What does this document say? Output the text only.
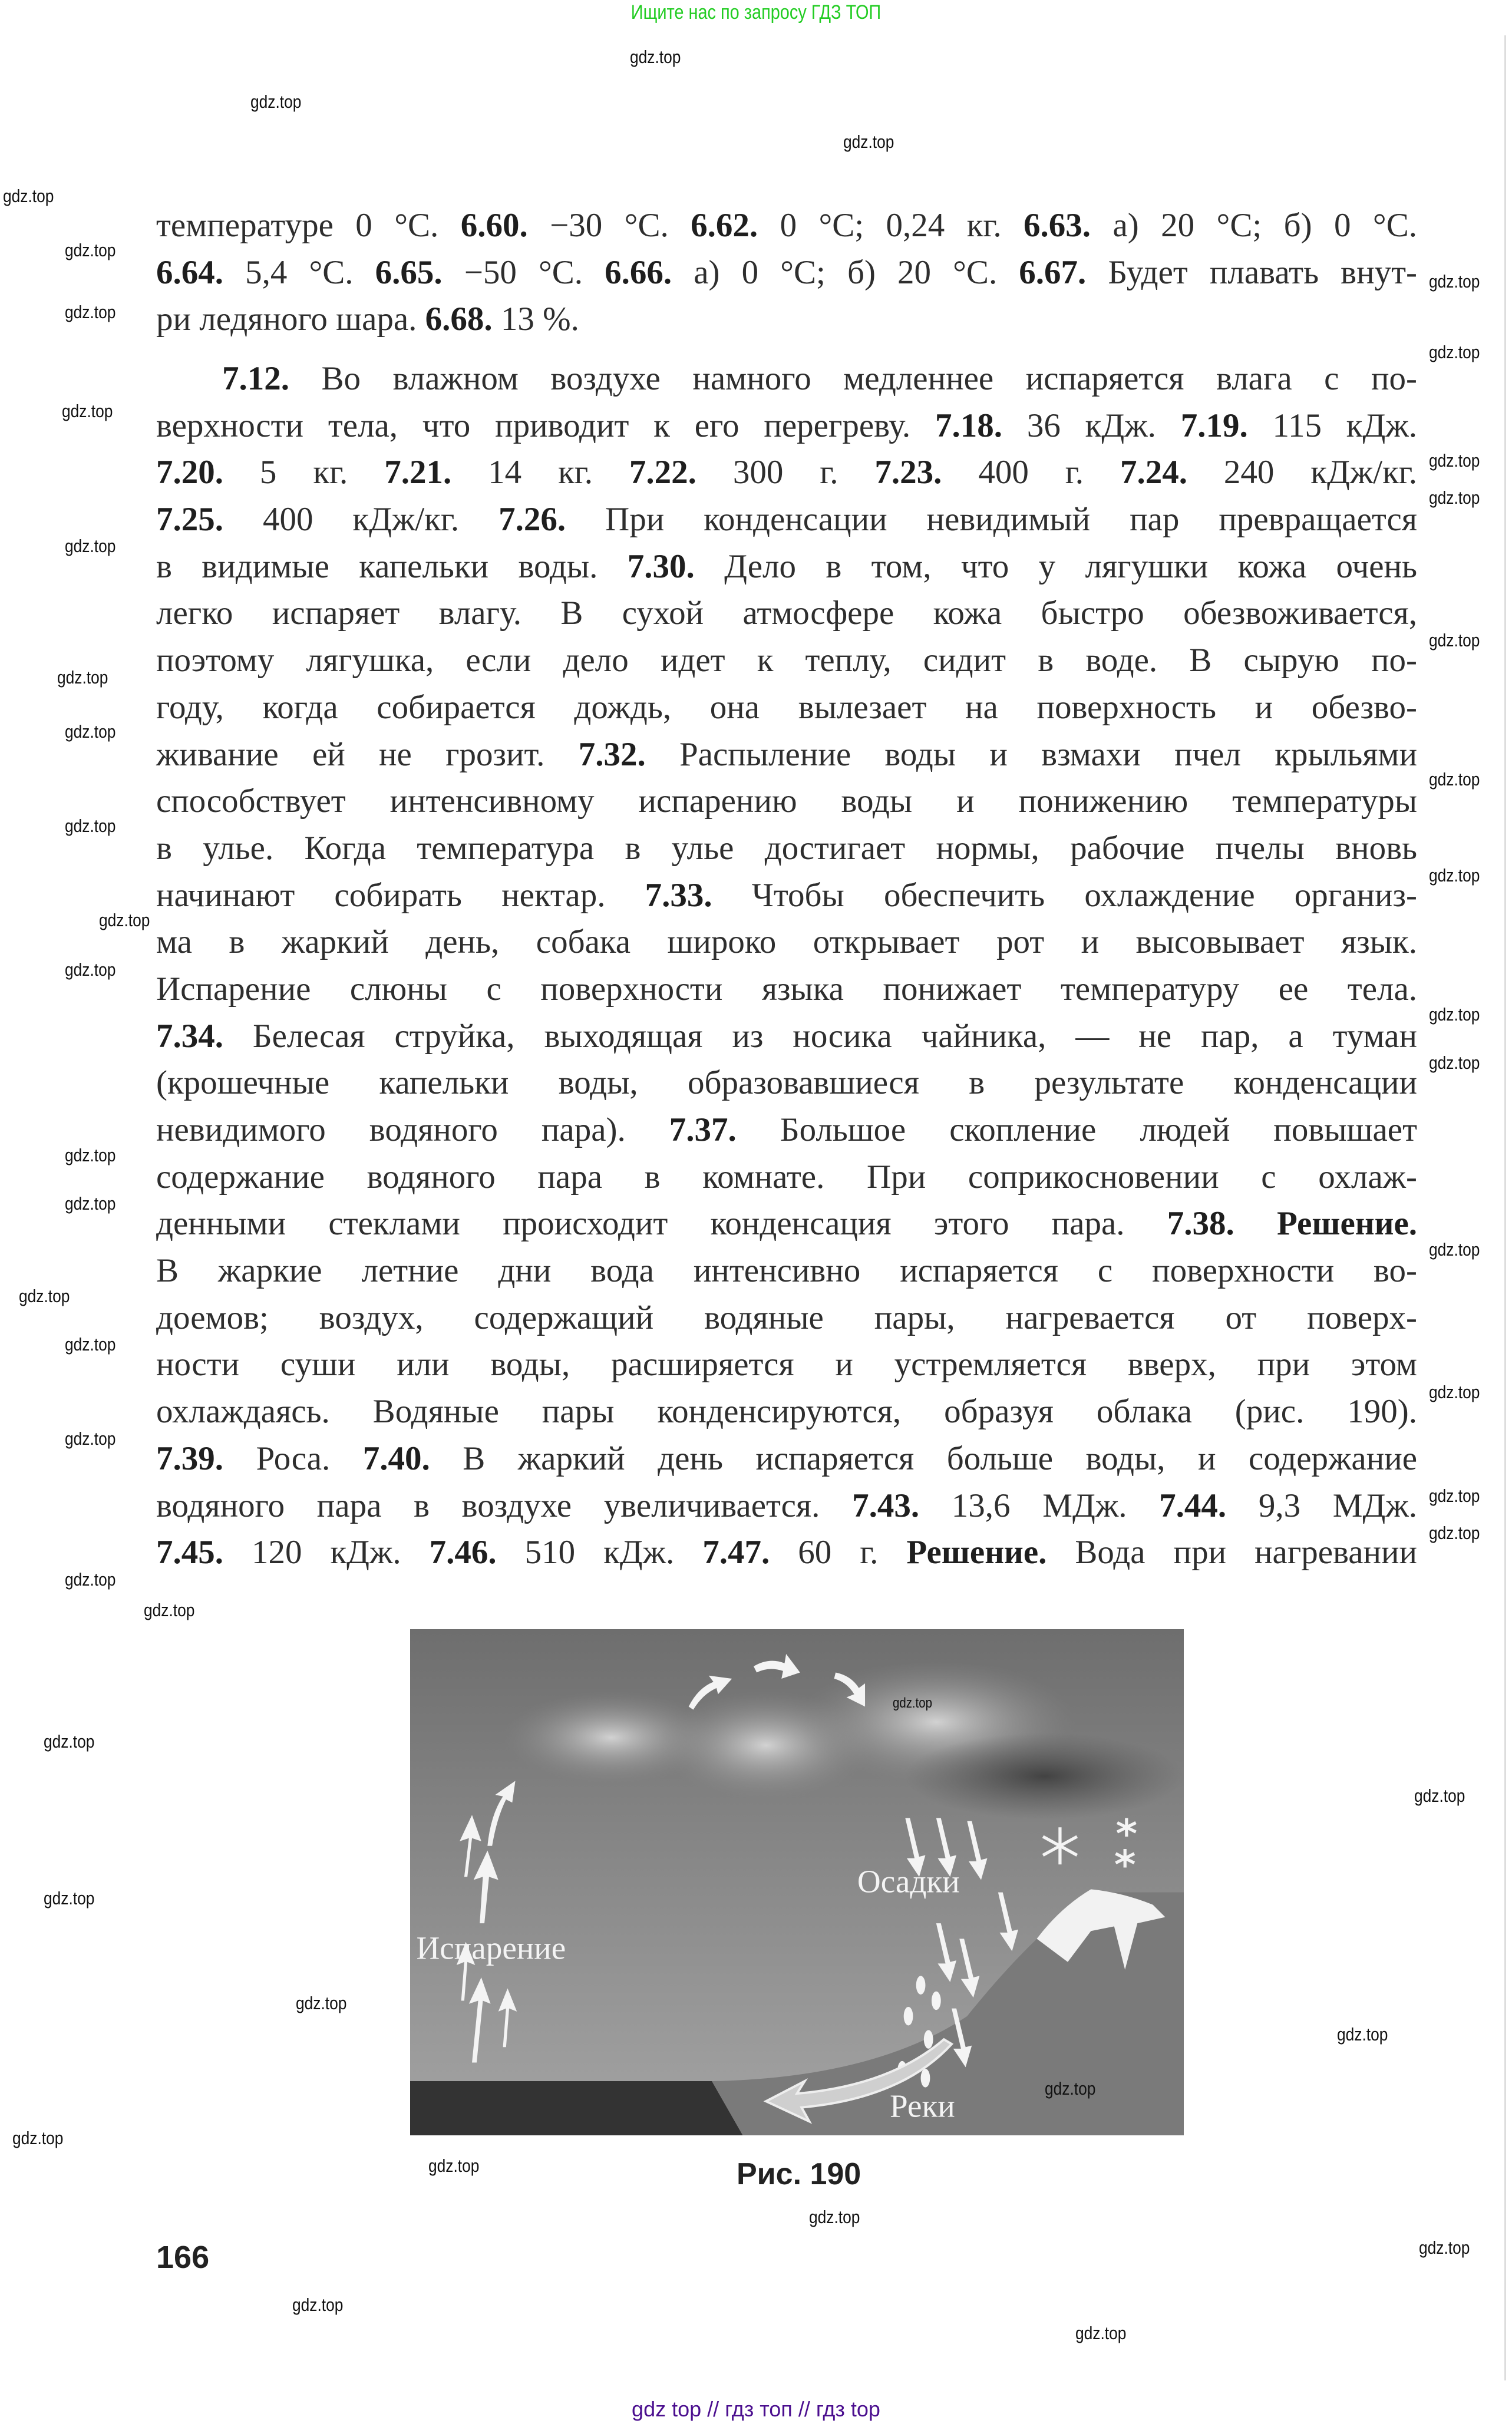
Ищите нас по запросу ГДЗ ТОП
температуре 0 °С. 6.60. −30 °С. 6.62. 0 °С; 0,24 кг. 6.63. а) 20 °С; б) 0 °С.
6.64. 5,4 °С. 6.65. −50 °С. 6.66. а) 0 °С; б) 20 °С. 6.67. Будет плавать внут-
ри ледяного шара. 6.68. 13 %.
7.12. Во влажном воздухе намного медленнее испаряется влага с по-
верхности тела, что приводит к его перегреву. 7.18. 36 кДж. 7.19. 115 кДж.
7.20. 5 кг. 7.21. 14 кг. 7.22. 300 г. 7.23. 400 г. 7.24. 240 кДж/кг.
7.25. 400 кДж/кг. 7.26. При конденсации невидимый пар превращается
в видимые капельки воды. 7.30. Дело в том, что у лягушки кожа очень
легко испаряет влагу. В сухой атмосфере кожа быстро обезвоживается,
поэтому лягушка, если дело идет к теплу, сидит в воде. В сырую по-
году, когда собирается дождь, она вылезает на поверхность и обезво-
живание ей не грозит. 7.32. Распыление воды и взмахи пчел крыльями
способствует интенсивному испарению воды и понижению температуры
в улье. Когда температура в улье достигает нормы, рабочие пчелы вновь
начинают собирать нектар. 7.33. Чтобы обеспечить охлаждение организ-
ма в жаркий день, собака широко открывает рот и высовывает язык.
Испарение слюны с поверхности языка понижает температуру ее тела.
7.34. Белесая струйка, выходящая из носика чайника, — не пар, а туман
(крошечные капельки воды, образовавшиеся в результате конденсации
невидимого водяного пара). 7.37. Большое скопление людей повышает
содержание водяного пара в комнате. При соприкосновении с охлаж-
денными стеклами происходит конденсация этого пара. 7.38. Решение.
В жаркие летние дни вода интенсивно испаряется с поверхности во-
доемов; воздух, содержащий водяные пары, нагревается от поверх-
ности суши или воды, расширяется и устремляется вверх, при этом
охлаждаясь. Водяные пары конденсируются, образуя облака (рис. 190).
7.39. Роса. 7.40. В жаркий день испаряется больше воды, и содержание
водяного пара в воздухе увеличивается. 7.43. 13,6 МДж. 7.44. 9,3 МДж.
7.45. 120 кДж. 7.46. 510 кДж. 7.47. 60 г. Решение. Вода при нагревании
Испарение
Осадки
Реки
Рис. 190
166
gdz top // гдз топ // гдз top
gdz.top
gdz.top
gdz.top
gdz.top
gdz.top
gdz.top
gdz.top
gdz.top
gdz.top
gdz.top
gdz.top
gdz.top
gdz.top
gdz.top
gdz.top
gdz.top
gdz.top
gdz.top
gdz.top
gdz.top
gdz.top
gdz.top
gdz.top
gdz.top
gdz.top
gdz.top
gdz.top
gdz.top
gdz.top
gdz.top
gdz.top
gdz.top
gdz.top
gdz.top
gdz.top
gdz.top
gdz.top
gdz.top
gdz.top
gdz.top
gdz.top
gdz.top
gdz.top
gdz.top
gdz.top
gdz.top
